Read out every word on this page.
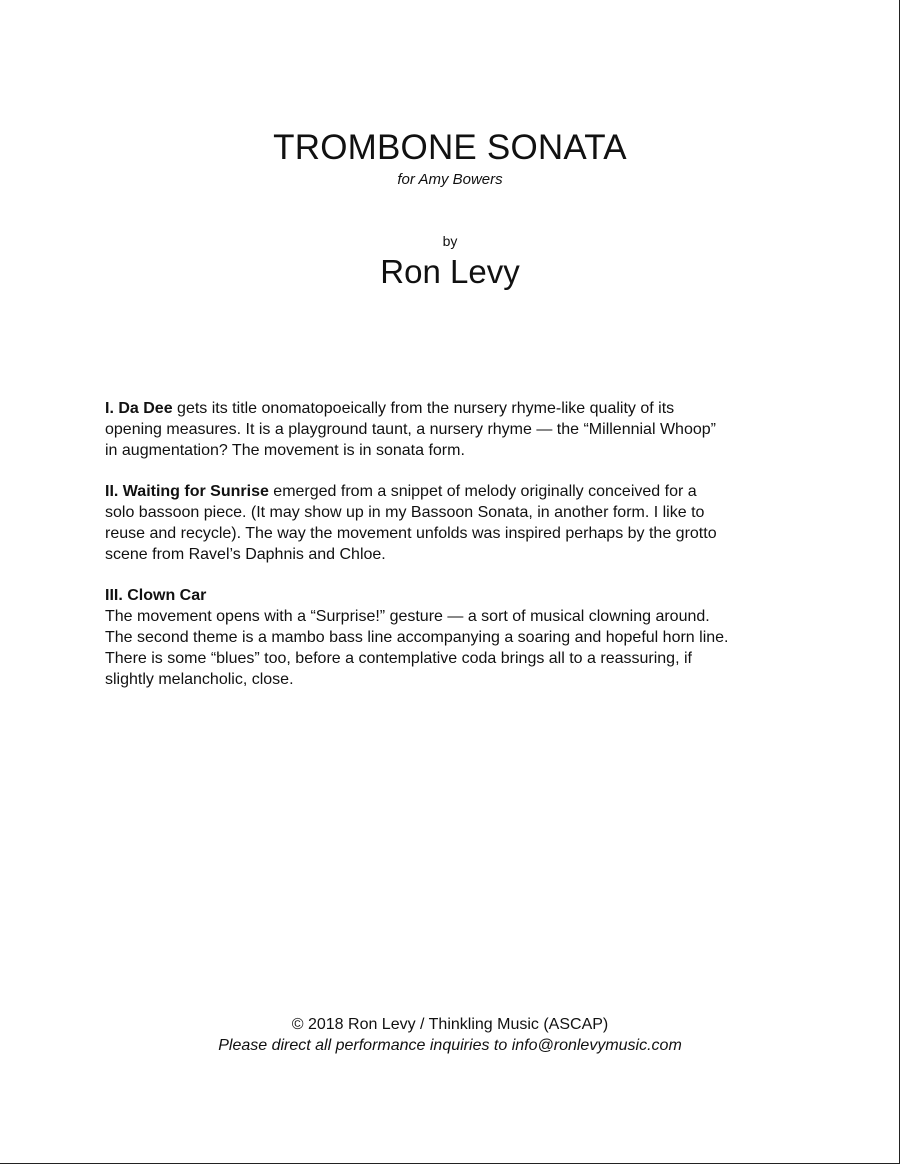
TROMBONE SONATA
for Amy Bowers
by
Ron Levy

I. Da Dee gets its title onomatopoeically from the nursery rhyme-like quality of its
opening measures. It is a playground taunt, a nursery rhyme — the “Millennial Whoop”
in augmentation? The movement is in sonata form.

II. Waiting for Sunrise emerged from a snippet of melody originally conceived for a
solo bassoon piece. (It may show up in my Bassoon Sonata, in another form. I like to
reuse and recycle). The way the movement unfolds was inspired perhaps by the grotto
scene from Ravel’s Daphnis and Chloe.

III. Clown Car
The movement opens with a “Surprise!” gesture — a sort of musical clowning around.
The second theme is a mambo bass line accompanying a soaring and hopeful horn line.
There is some “blues” too, before a contemplative coda brings all to a reassuring, if
slightly melancholic, close.

© 2018 Ron Levy / Thinkling Music (ASCAP)
Please direct all performance inquiries to info@ronlevymusic.com
